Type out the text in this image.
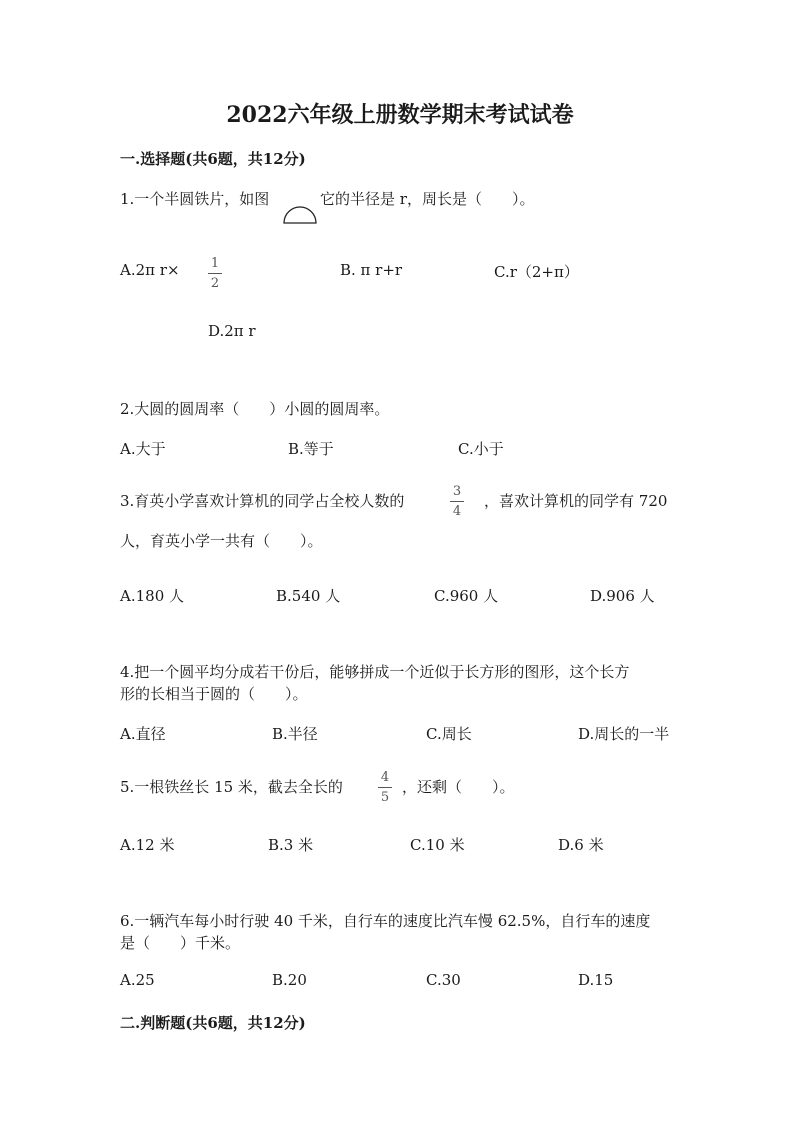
2022六年级上册数学期末考试试卷
一.选择题(共6题，共12分)
1.一个半圆铁片，如图	它的半径是 r，周长是（　　）。
A.2π r× 1
2
B. π r+r	C.r（2+π）
D.2π r
2.大圆的圆周率（　　）小圆的圆周率。
A.大于	B.等于	C.小于
3.育英小学喜欢计算机的同学占全校人数的
3
4
，喜欢计算机的同学有 720
人，育英小学一共有（　　）。
A.180 人	B.540 人	C.960 人	D.906 人
4.把一个圆平均分成若干份后，能够拼成一个近似于长方形的图形，这个长方
形的长相当于圆的（　　）。
A.直径	B.半径	C.周长	D.周长的一半
5.一根铁丝长 15 米，截去全长的
4
5
，还剩（　　）。
A.12 米	B.3 米	C.10 米	D.6 米
6.一辆汽车每小时行驶 40 千米，自行车的速度比汽车慢 62.5%，自行车的速度
是（　　）千米。
A.25	B.20	C.30	D.15
二.判断题(共6题，共12分)
